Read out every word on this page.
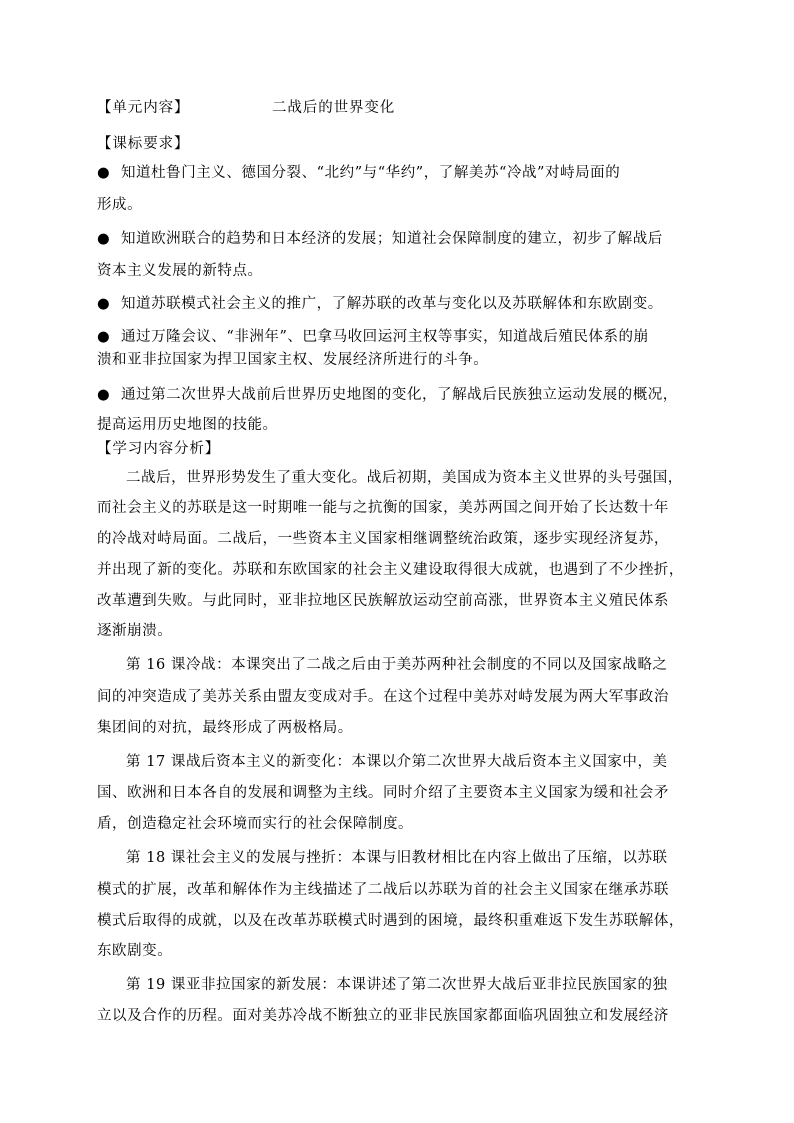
【单元内容】	二战后的世界变化
【课标要求】
● 知道杜鲁门主义、德国分裂、“北约”与“华约”，了解美苏“冷战”对峙局面的
形成。
● 知道欧洲联合的趋势和日本经济的发展；知道社会保障制度的建立，初步了解战后
资本主义发展的新特点。
● 知道苏联模式社会主义的推广，了解苏联的改革与变化以及苏联解体和东欧剧变。
● 通过万隆会议、“非洲年”、巴拿马收回运河主权等事实，知道战后殖民体系的崩
溃和亚非拉国家为捍卫国家主权、发展经济所进行的斗争。
● 通过第二次世界大战前后世界历史地图的变化，了解战后民族独立运动发展的概况，
提高运用历史地图的技能。
【学习内容分析】
二战后，世界形势发生了重大变化。战后初期，美国成为资本主义世界的头号强国，
而社会主义的苏联是这一时期唯一能与之抗衡的国家，美苏两国之间开始了长达数十年
的冷战对峙局面。二战后，一些资本主义国家相继调整统治政策，逐步实现经济复苏，
并出现了新的变化。苏联和东欧国家的社会主义建设取得很大成就，也遇到了不少挫折，
改革遭到失败。与此同时，亚非拉地区民族解放运动空前高涨，世界资本主义殖民体系
逐渐崩溃。
第 16 课冷战：本课突出了二战之后由于美苏两种社会制度的不同以及国家战略之
间的冲突造成了美苏关系由盟友变成对手。在这个过程中美苏对峙发展为两大军事政治
集团间的对抗，最终形成了两极格局。
第 17 课战后资本主义的新变化：本课以介第二次世界大战后资本主义国家中，美
国、欧洲和日本各自的发展和调整为主线。同时介绍了主要资本主义国家为缓和社会矛
盾，创造稳定社会环境而实行的社会保障制度。
第 18 课社会主义的发展与挫折：本课与旧教材相比在内容上做出了压缩，以苏联
模式的扩展，改革和解体作为主线描述了二战后以苏联为首的社会主义国家在继承苏联
模式后取得的成就，以及在改革苏联模式时遇到的困境，最终积重难返下发生苏联解体，
东欧剧变。
第 19 课亚非拉国家的新发展：本课讲述了第二次世界大战后亚非拉民族国家的独
立以及合作的历程。面对美苏冷战不断独立的亚非民族国家都面临巩固独立和发展经济
